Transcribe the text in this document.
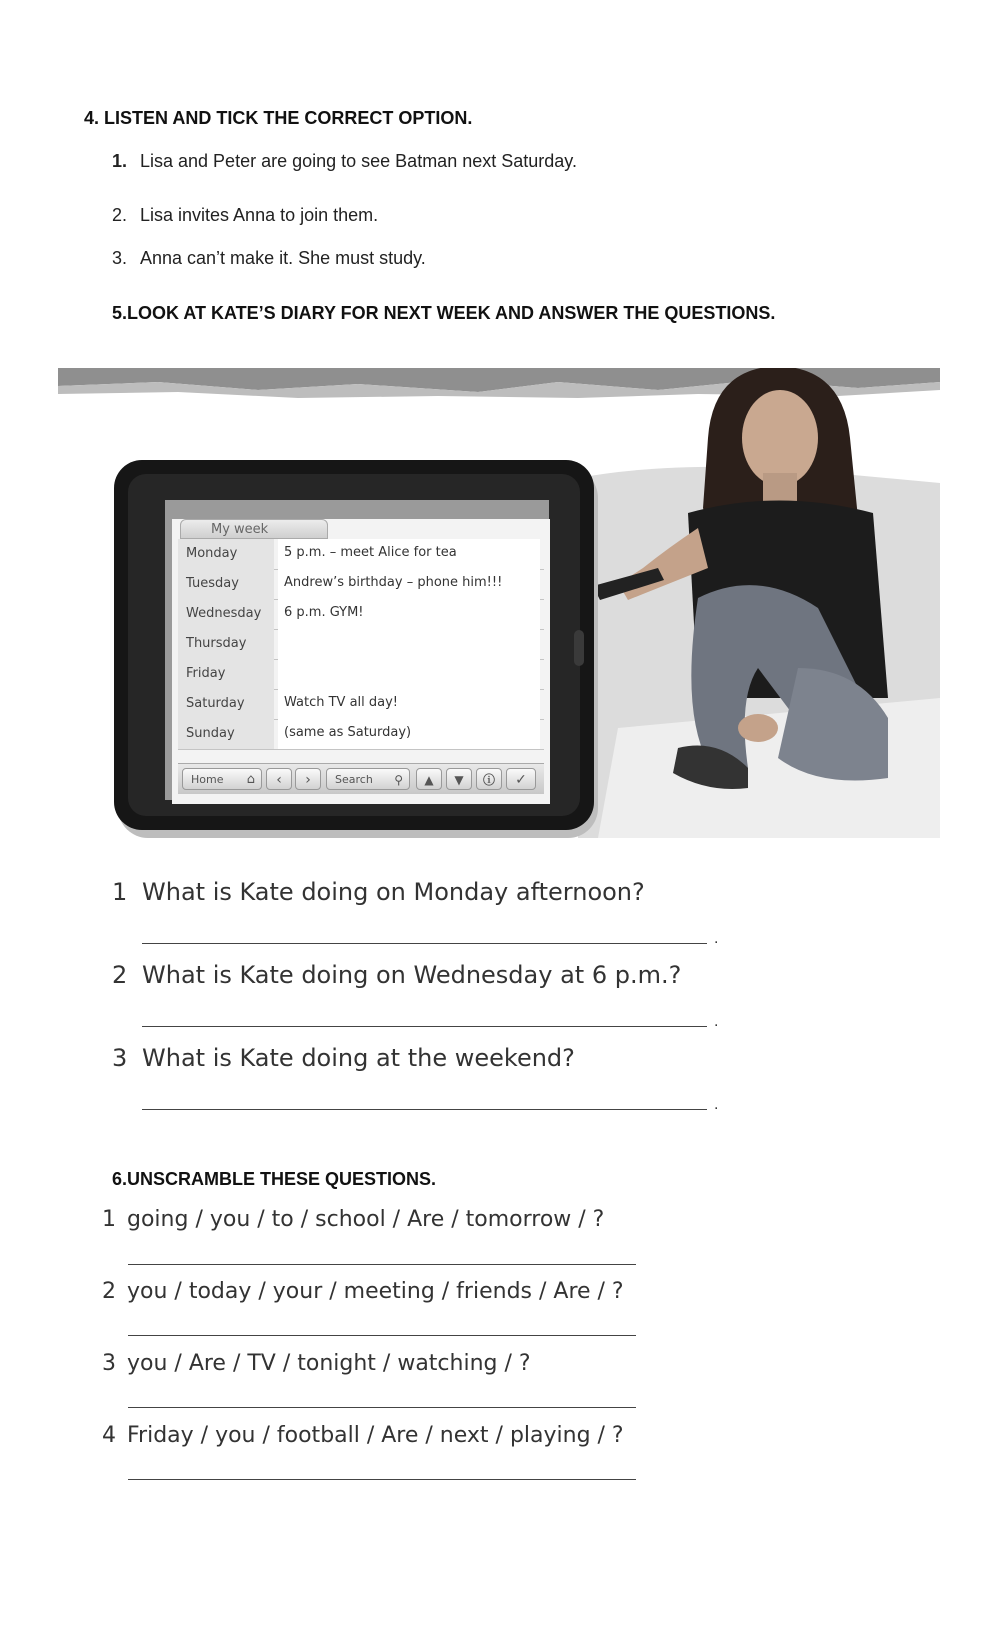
4. LISTEN AND TICK THE CORRECT OPTION.
1. Lisa and Peter are going to see Batman next Saturday.
2. Lisa invites Anna to join them.
3. Anna can’t make it. She must study.
5.LOOK AT KATE’S DIARY FOR NEXT WEEK AND ANSWER THE QUESTIONS.
My week
Monday	5 p.m. – meet Alice for tea
Tuesday	Andrew’s birthday – phone him!!!
Wednesday	6 p.m. GYM!
Thursday
Friday
Saturday	Watch TV all day!
Sunday	(same as Saturday)
Home ⌂	‹	›	Search ⚲	▲	▼	ⓘ	✓
1 What is Kate doing on Monday afternoon?
.
2 What is Kate doing on Wednesday at 6 p.m.?
.
3 What is Kate doing at the weekend?
.
6.UNSCRAMBLE THESE QUESTIONS.
1 going / you / to / school / Are / tomorrow / ?
2 you / today / your / meeting / friends / Are / ?
3 you / Are / TV / tonight / watching / ?
4 Friday / you / football / Are / next / playing / ?
